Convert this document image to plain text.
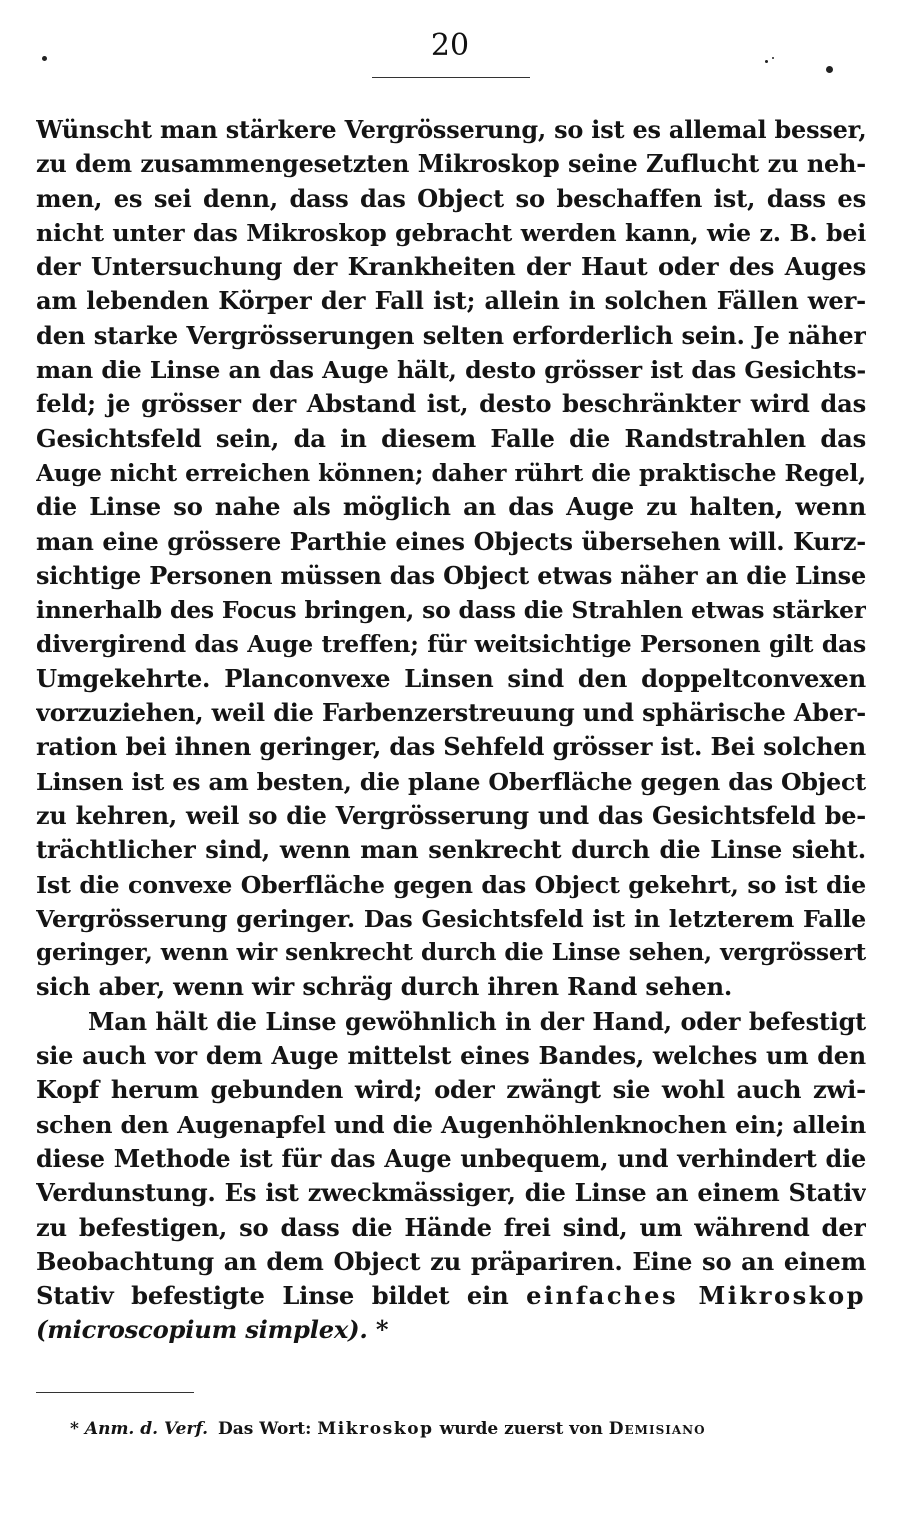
20
Wünscht man stärkere Vergrösserung, so ist es allemal besser,
zu dem zusammengesetzten Mikroskop seine Zuflucht zu neh-
men, es sei denn, dass das Object so beschaffen ist, dass es
nicht unter das Mikroskop gebracht werden kann, wie z. B. bei
der Untersuchung der Krankheiten der Haut oder des Auges
am lebenden Körper der Fall ist; allein in solchen Fällen wer-
den starke Vergrösserungen selten erforderlich sein. Je näher
man die Linse an das Auge hält, desto grösser ist das Gesichts-
feld; je grösser der Abstand ist, desto beschränkter wird das
Gesichtsfeld sein, da in diesem Falle die Randstrahlen das
Auge nicht erreichen können; daher rührt die praktische Regel,
die Linse so nahe als möglich an das Auge zu halten, wenn
man eine grössere Parthie eines Objects übersehen will. Kurz-
sichtige Personen müssen das Object etwas näher an die Linse
innerhalb des Focus bringen, so dass die Strahlen etwas stärker
divergirend das Auge treffen; für weitsichtige Personen gilt das
Umgekehrte. Planconvexe Linsen sind den doppeltconvexen
vorzuziehen, weil die Farbenzerstreuung und sphärische Aber-
ration bei ihnen geringer, das Sehfeld grösser ist. Bei solchen
Linsen ist es am besten, die plane Oberfläche gegen das Object
zu kehren, weil so die Vergrösserung und das Gesichtsfeld be-
trächtlicher sind, wenn man senkrecht durch die Linse sieht.
Ist die convexe Oberfläche gegen das Object gekehrt, so ist die
Vergrösserung geringer. Das Gesichtsfeld ist in letzterem Falle
geringer, wenn wir senkrecht durch die Linse sehen, vergrössert
sich aber, wenn wir schräg durch ihren Rand sehen.
Man hält die Linse gewöhnlich in der Hand, oder befestigt
sie auch vor dem Auge mittelst eines Bandes, welches um den
Kopf herum gebunden wird; oder zwängt sie wohl auch zwi-
schen den Augenapfel und die Augenhöhlenknochen ein; allein
diese Methode ist für das Auge unbequem, und verhindert die
Verdunstung. Es ist zweckmässiger, die Linse an einem Stativ
zu befestigen, so dass die Hände frei sind, um während der
Beobachtung an dem Object zu präpariren. Eine so an einem
Stativ befestigte Linse bildet ein einfaches Mikroskop
(microscopium simplex). *
* Anm. d. Verf. Das Wort: Mikroskop wurde zuerst von Demisiano
